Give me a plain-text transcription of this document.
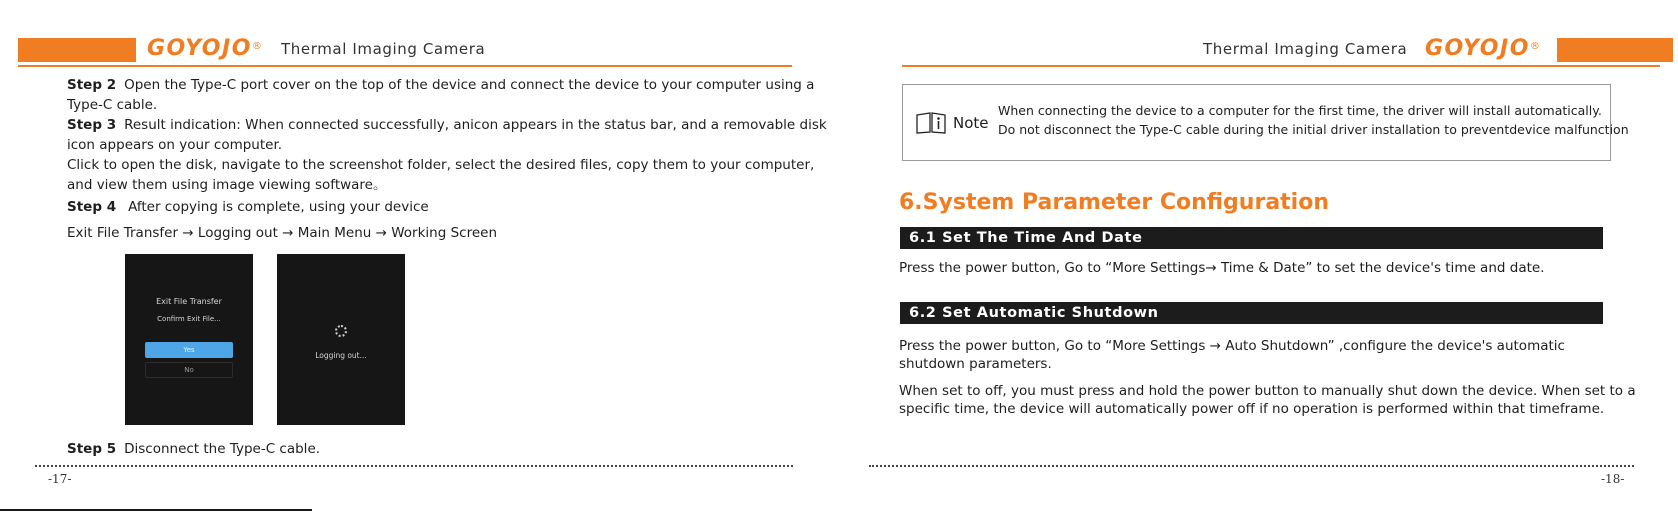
GOYOJO® Thermal Imaging Camera
Step 2 Open the Type-C port cover on the top of the device and connect the device to your computer using a
Type-C cable.
Step 3 Result indication: When connected successfully, anicon appears in the status bar, and a removable disk
icon appears on your computer.
Click to open the disk, navigate to the screenshot folder, select the desired files, copy them to your computer,
and view them using image viewing software。
Step 4 After copying is complete, using your device
Exit File Transfer → Logging out → Main Menu → Working Screen
Exit File Transfer
Confirm Exit File...
Yes
No
Logging out...
Step 5 Disconnect the Type-C cable.
-17-
Thermal Imaging Camera GOYOJO®
Note
When connecting the device to a computer for the first time, the driver will install automatically.
Do not disconnect the Type-C cable during the initial driver installation to preventdevice malfunction
6.System Parameter Configuration
6.1 Set The Time And Date
Press the power button, Go to “More Settings→ Time & Date” to set the device's time and date.
6.2 Set Automatic Shutdown
Press the power button, Go to “More Settings → Auto Shutdown” ,configure the device's automatic
shutdown parameters.
When set to off, you must press and hold the power button to manually shut down the device. When set to a
specific time, the device will automatically power off if no operation is performed within that timeframe.
-18-
